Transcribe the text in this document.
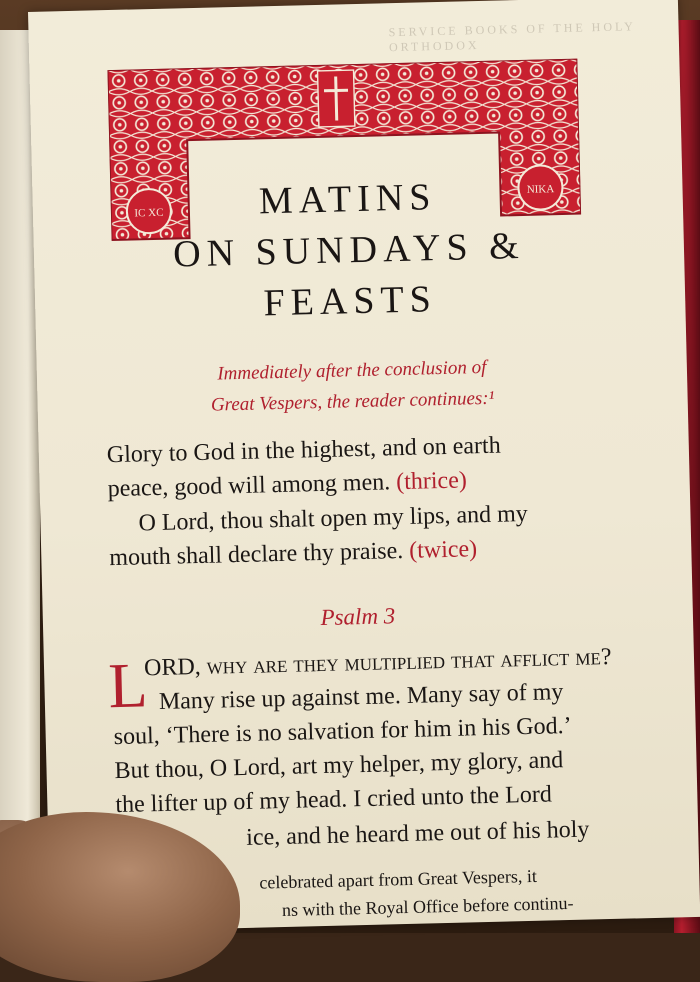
SERVICE BOOKS OF THE HOLY ORTHODOX
IC XC
NIKA
MATINS
ON SUNDAYS &
FEASTS
Immediately after the conclusion of
Great Vespers, the reader continues:¹
Glory to God in the highest, and on earth
peace, good will among men. (thrice)
O Lord, thou shalt open my lips, and my
mouth shall declare thy praise. (twice)
Psalm 3
L
ORD, why are they multiplied that afflict me?
Many rise up against me. Many say of my
soul, ‘There is no salvation for him in his God.’
But thou, O Lord, art my helper, my glory, and
the lifter up of my head. I cried unto the Lord
ice, and he heard me out of his holy
celebrated apart from Great Vespers, it
ns with the Royal Office before continu-
